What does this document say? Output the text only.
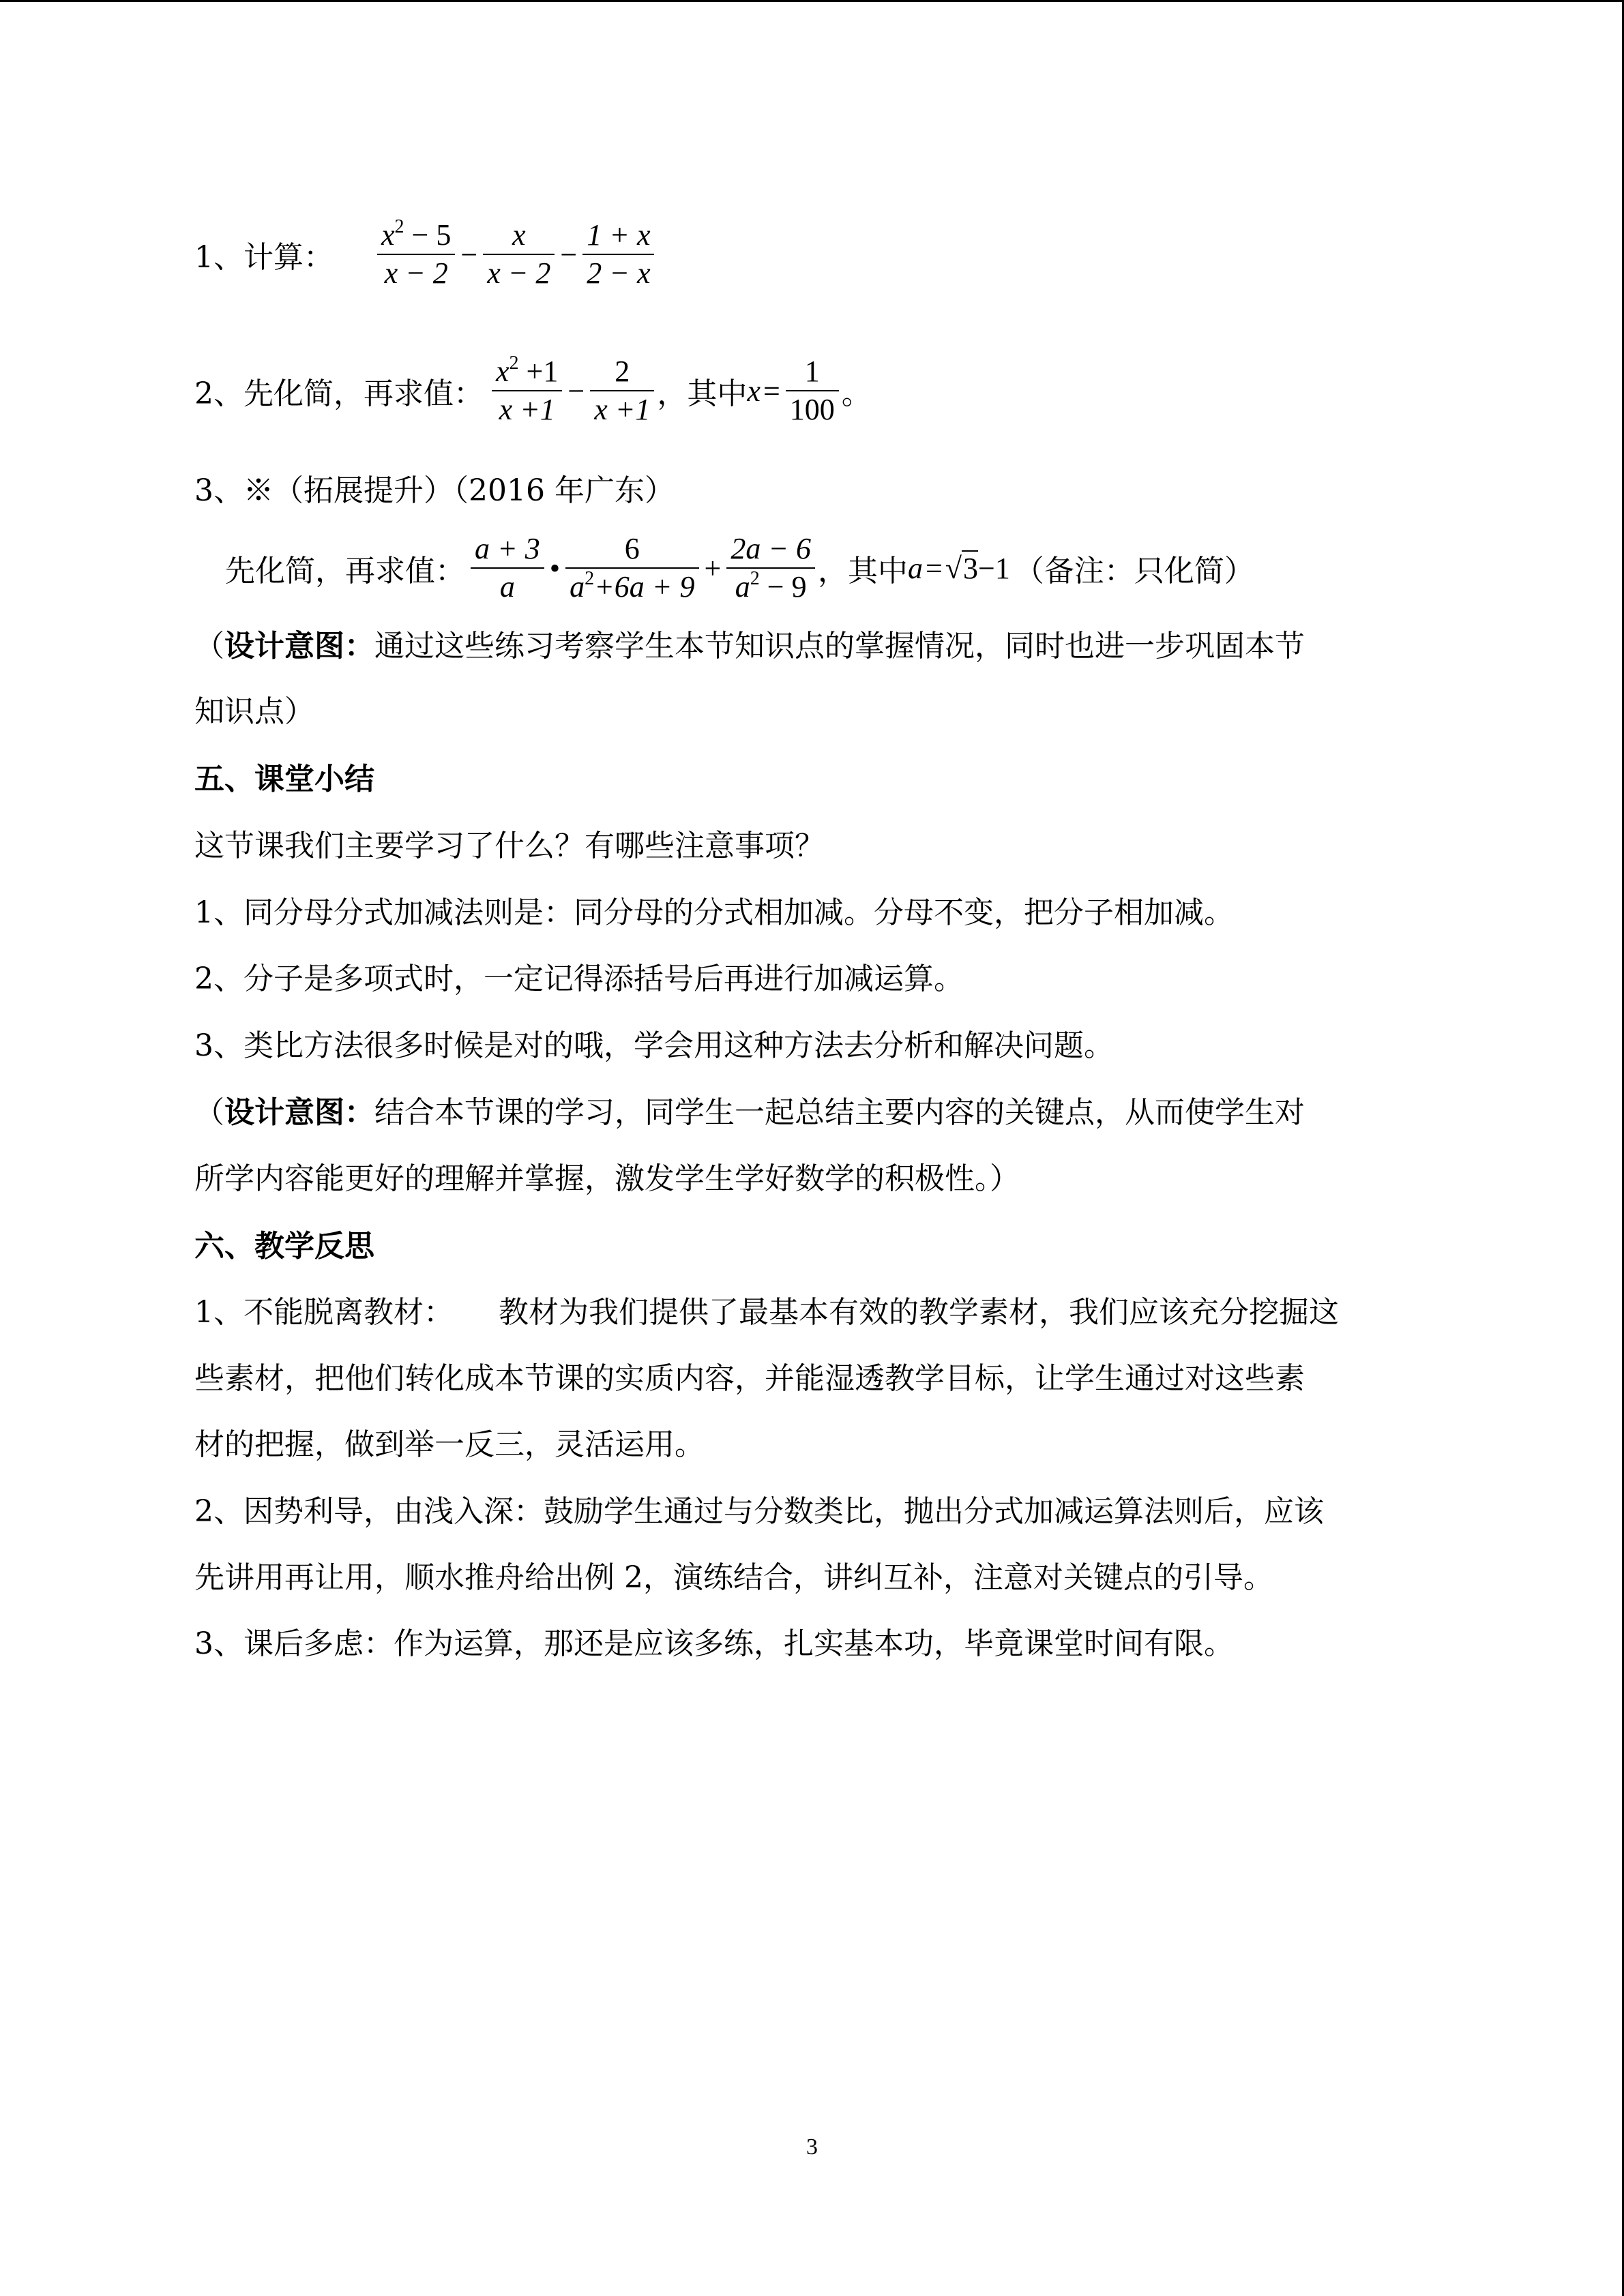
1、计算： $\frac{x^2 - 5}{x - 2} - \frac{x}{x - 2} - \frac{1 + x}{2 - x}$
2、先化简，再求值： $\frac{x^2 +1}{x +1} - \frac{2}{x +1}$ ，其中 $x = \frac{1}{100}$ 。
3、※（拓展提升）（2016 年广东）
先化简，再求值： $\frac{a + 3}{a}$ • $\frac{6}{a^2+6a + 9} + \frac{2a - 6}{a^2 - 9}$ ，其中 a = √3 −1 （备注：只化简）
（设计意图：通过这些练习考察学生本节知识点的掌握情况，同时也进一步巩固本节
知识点）
五、课堂小结
这节课我们主要学习了什么？有哪些注意事项？
1、同分母分式加减法则是：同分母的分式相加减。分母不变，把分子相加减。
2、分子是多项式时，一定记得添括号后再进行加减运算。
3、类比方法很多时候是对的哦，学会用这种方法去分析和解决问题。
（设计意图：结合本节课的学习，同学生一起总结主要内容的关键点，从而使学生对
所学内容能更好的理解并掌握，激发学生学好数学的积极性。）
六、教学反思
1、不能脱离教材：　　教材为我们提供了最基本有效的教学素材，我们应该充分挖掘这
些素材，把他们转化成本节课的实质内容，并能湿透教学目标，让学生通过对这些素
材的把握，做到举一反三，灵活运用。
2、因势利导，由浅入深：鼓励学生通过与分数类比，抛出分式加减运算法则后，应该
先讲用再让用，顺水推舟给出例 2，演练结合，讲纠互补，注意对关键点的引导。
3、课后多虑：作为运算，那还是应该多练，扎实基本功，毕竟课堂时间有限。
3
